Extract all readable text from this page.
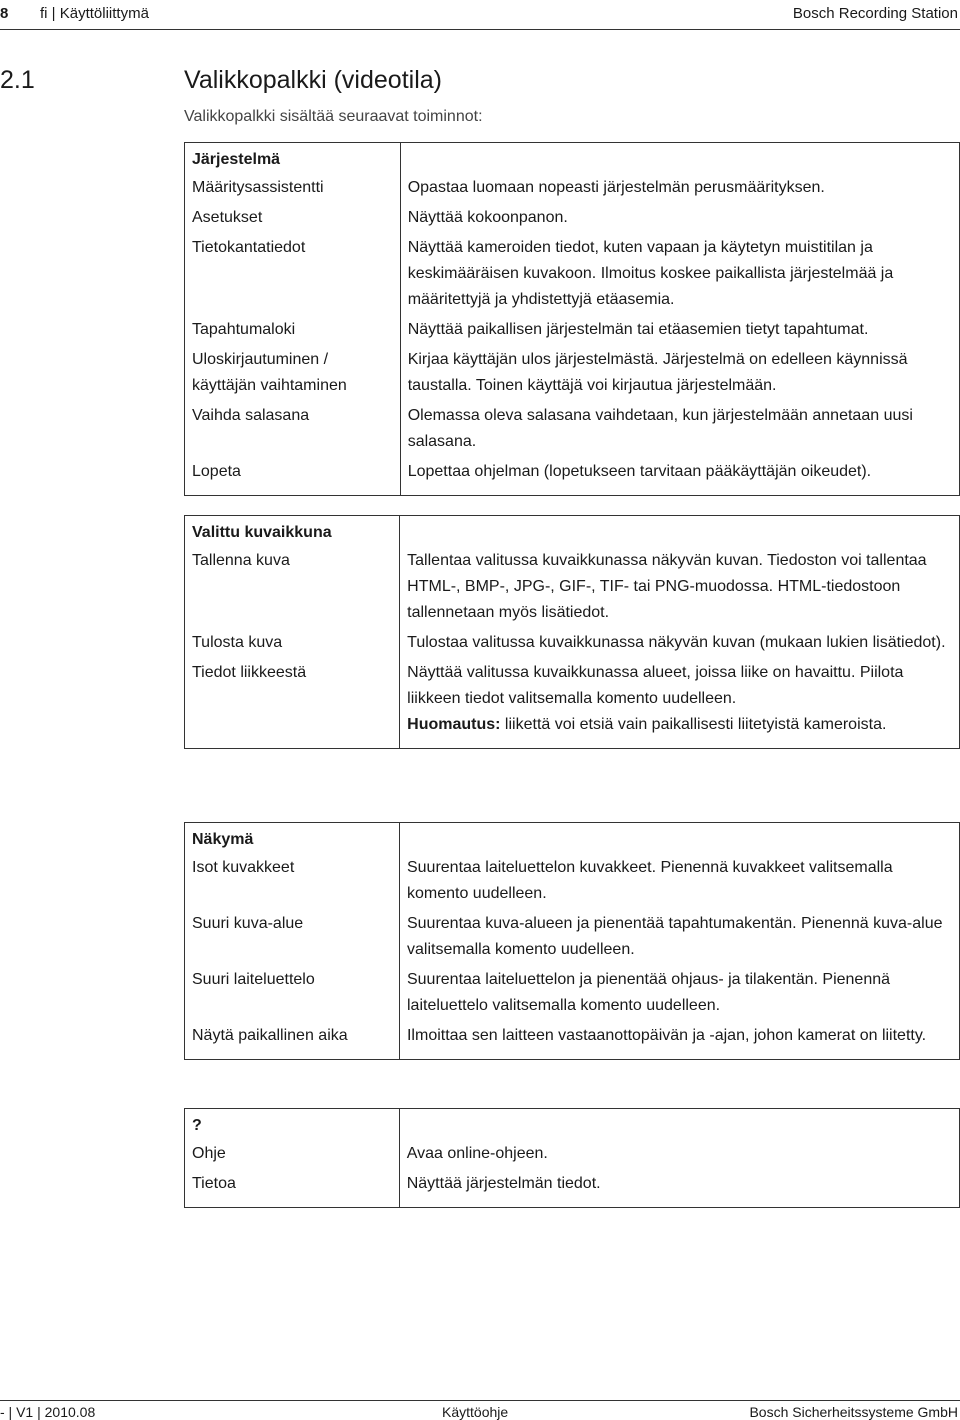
8 fi | Käyttöliittymä	Bosch Recording Station
2.1	Valikkopalkki (videotila)
Valikkopalkki sisältää seuraavat toiminnot:
Järjestelmä	
Määritysassistentti	Opastaa luomaan nopeasti järjestelmän perusmäärityksen.
Asetukset	Näyttää kokoonpanon.
Tietokantatiedot	Näyttää kameroiden tiedot, kuten vapaan ja käytetyn muistitilan ja keskimääräisen kuvakoon. Ilmoitus koskee paikallista järjestelmää ja määritettyjä ja yhdistettyjä etäasemia.
Tapahtumaloki	Näyttää paikallisen järjestelmän tai etäasemien tietyt tapahtumat.
Uloskirjautuminen / käyttäjän vaihtaminen	Kirjaa käyttäjän ulos järjestelmästä. Järjestelmä on edelleen käynnissä taustalla. Toinen käyttäjä voi kirjautua järjestelmään.
Vaihda salasana	Olemassa oleva salasana vaihdetaan, kun järjestelmään annetaan uusi salasana.
Lopeta	Lopettaa ohjelman (lopetukseen tarvitaan pääkäyttäjän oikeudet).
Valittu kuvaikkuna	
Tallenna kuva	Tallentaa valitussa kuvaikkunassa näkyvän kuvan. Tiedoston voi tallentaa HTML-, BMP-, JPG-, GIF-, TIF- tai PNG-muodossa. HTML-tiedostoon tallennetaan myös lisätiedot.
Tulosta kuva	Tulostaa valitussa kuvaikkunassa näkyvän kuvan (mukaan lukien lisätiedot).
Tiedot liikkeestä	Näyttää valitussa kuvaikkunassa alueet, joissa liike on havaittu. Piilota liikkeen tiedot valitsemalla komento uudelleen.
Huomautus: liikettä voi etsiä vain paikallisesti liitetyistä kameroista.
Näkymä	
Isot kuvakkeet	Suurentaa laiteluettelon kuvakkeet. Pienennä kuvakkeet valitsemalla komento uudelleen.
Suuri kuva-alue	Suurentaa kuva-alueen ja pienentää tapahtumakentän. Pienennä kuva-alue valitsemalla komento uudelleen.
Suuri laiteluettelo	Suurentaa laiteluettelon ja pienentää ohjaus- ja tilakentän. Pienennä laiteluettelo valitsemalla komento uudelleen.
Näytä paikallinen aika	Ilmoittaa sen laitteen vastaanottopäivän ja -ajan, johon kamerat on liitetty.
?	
Ohje	Avaa online-ohjeen.
Tietoa	Näyttää järjestelmän tiedot.
- | V1 | 2010.08	Käyttöohje	Bosch Sicherheitssysteme GmbH
